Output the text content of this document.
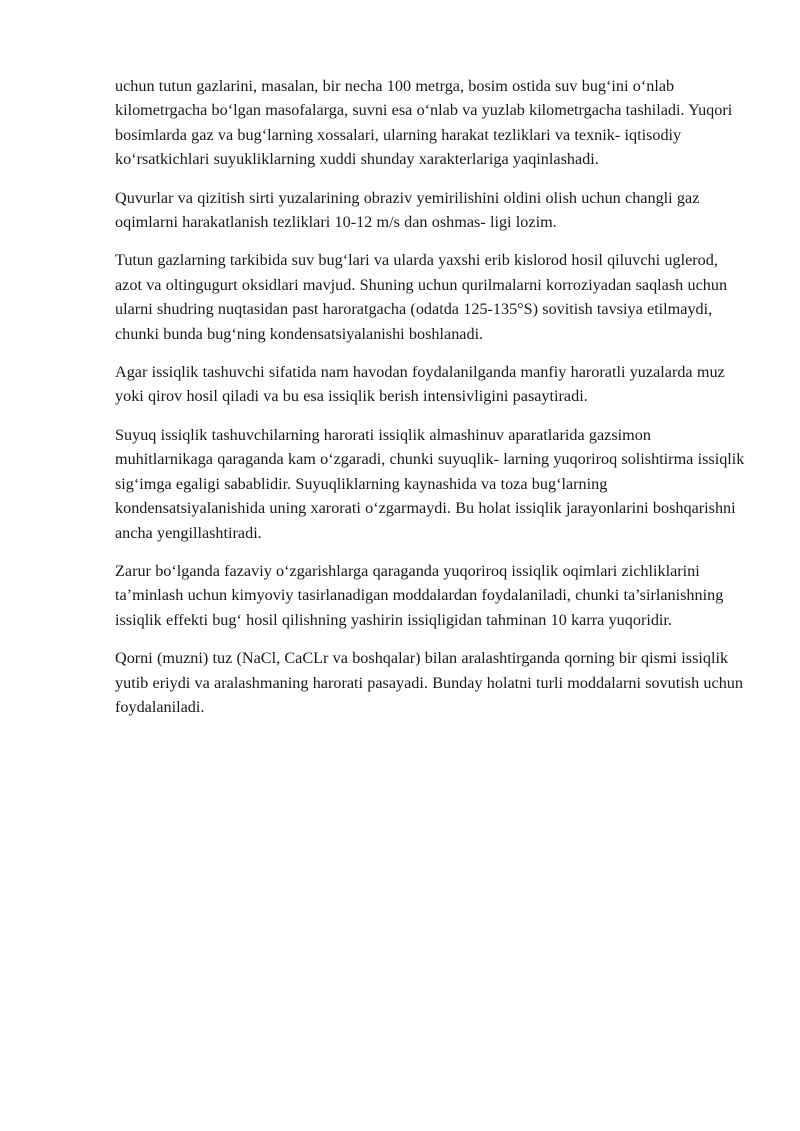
uchun tutun gazlarini, masalan, bir necha 100 metrga, bosim ostida suv bug‘ini o‘nlab kilometrgacha bo‘lgan masofalarga, suvni esa o‘nlab va yuzlab kilometrgacha tashiladi. Yuqori bosimlarda gaz va bug‘larning xossalari, ularning harakat tezliklari va texnik- iqtisodiy ko‘rsatkichlari suyukliklarning xuddi shunday xarakterlariga yaqinlashadi.

Quvurlar va qizitish sirti yuzalarining obraziv yemirilishini oldini olish uchun changli gaz oqimlarni harakatlanish tezliklari 10-12 m/s dan oshmas- ligi lozim.

Tutun gazlarning tarkibida suv bug‘lari va ularda yaxshi erib kislorod hosil qiluvchi uglerod, azot va oltingugurt oksidlari mavjud. Shuning uchun qurilmalarni korroziyadan saqlash uchun ularni shudring nuqtasidan past haroratgacha (odatda 125-135°S) sovitish tavsiya etilmaydi, chunki bunda bug‘ning kondensatsiyalanishi boshlanadi.

Agar issiqlik tashuvchi sifatida nam havodan foydalanilganda manfiy haroratli yuzalarda muz yoki qirov hosil qiladi va bu esa issiqlik berish intensivligini pasaytiradi.

Suyuq issiqlik tashuvchilarning harorati issiqlik almashinuv aparatlarida gazsimon muhitlarnikaga qaraganda kam o‘zgaradi, chunki suyuqlik- larning yuqoriroq solishtirma issiqlik sig‘imga egaligi sabablidir. Suyuqliklarning kaynashida va toza bug‘larning kondensatsiyalanishida uning xarorati o‘zgarmaydi. Bu holat issiqlik jarayonlarini boshqarishni ancha yengillashtiradi.

Zarur bo‘lganda fazaviy o‘zgarishlarga qaraganda yuqoriroq issiqlik oqimlari zichliklarini ta’minlash uchun kimyoviy tasirlanadigan moddalardan foydalaniladi, chunki ta’sirlanishning issiqlik effekti bug‘ hosil qilishning yashirin issiqligidan tahminan 10 karra yuqoridir.

Qorni (muzni) tuz (NaCl, CaCLr va boshqalar) bilan aralashtirganda qorning bir qismi issiqlik yutib eriydi va aralashmaning harorati pasayadi. Bunday holatni turli moddalarni sovutish uchun foydalaniladi.
